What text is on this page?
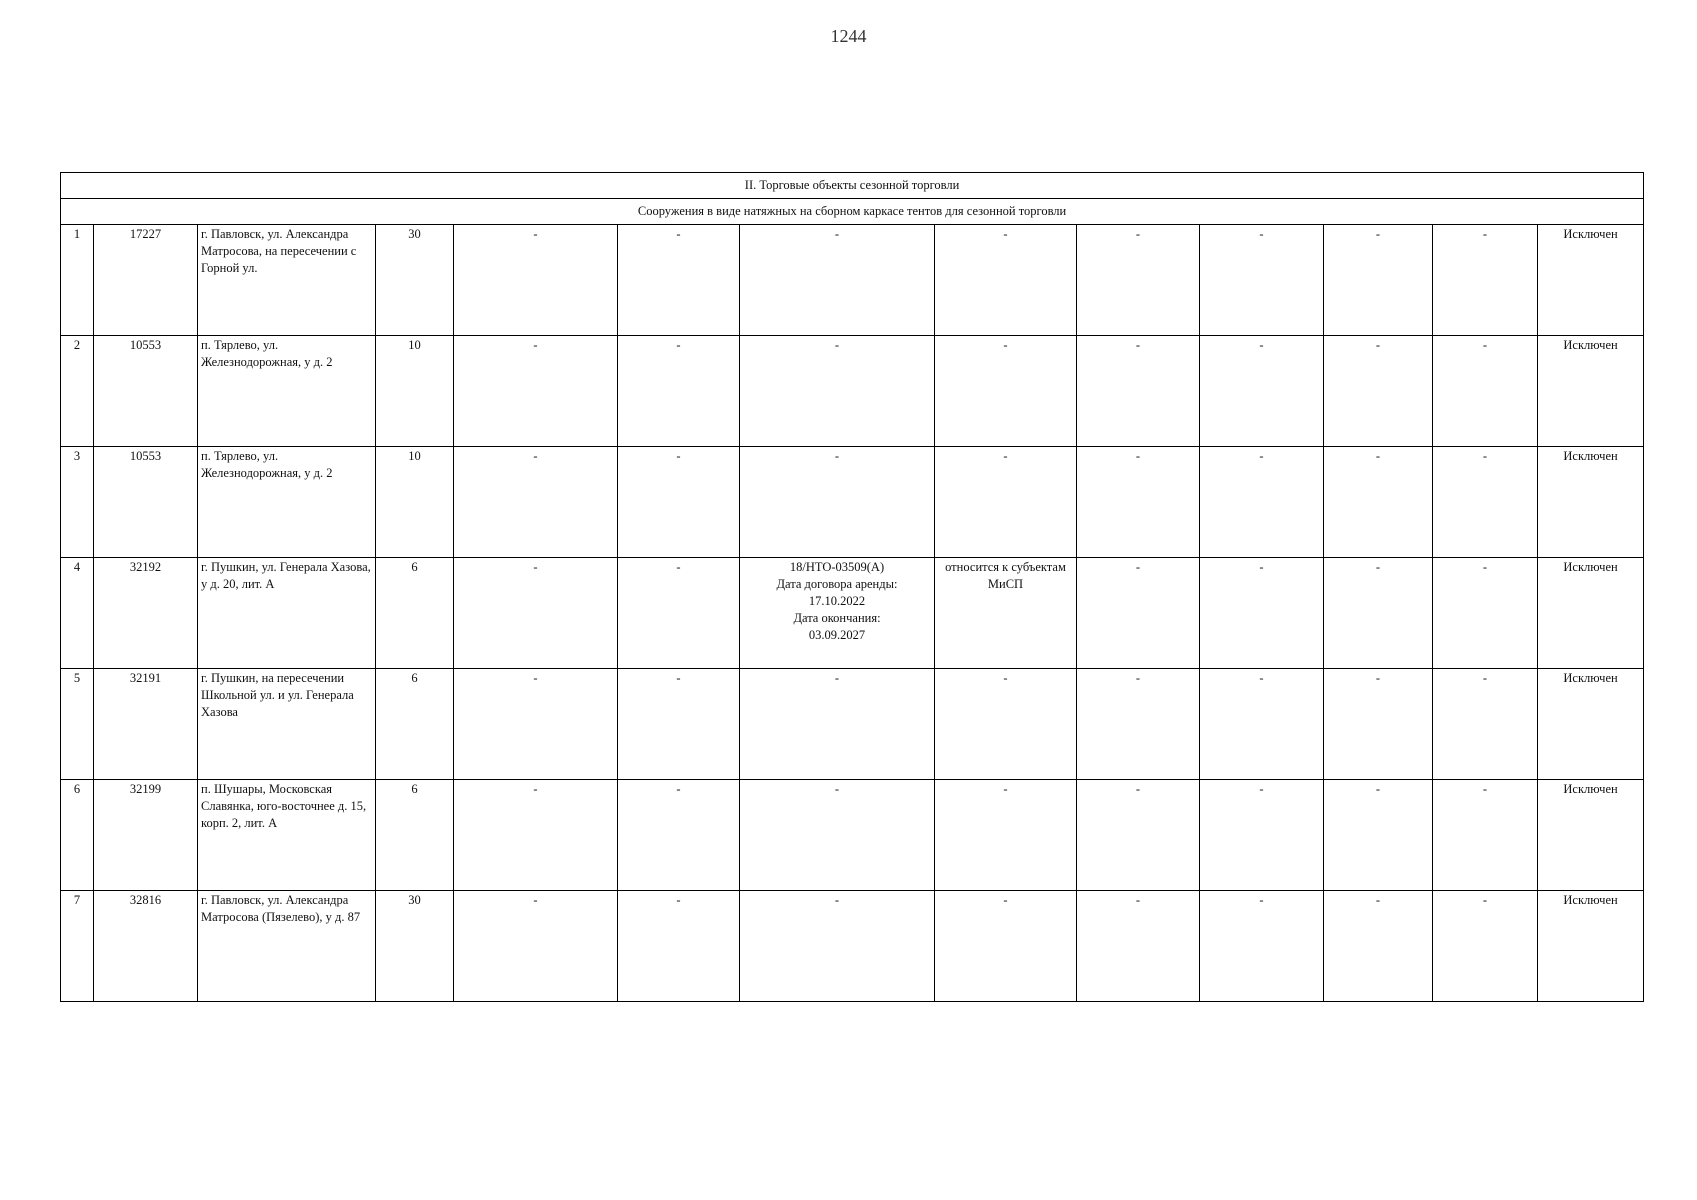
1244
II. Торговые объекты сезонной торговли												
Сооружения в виде натяжных на сборном каркасе тентов для сезонной торговли												
1	17227	г. Павловск, ул. Александра Матросова, на пересечении с Горной ул.	30	-	-	-	-	-	-	-	-	Исключен
2	10553	п. Тярлево, ул. Железнодорожная, у д. 2	10	-	-	-	-	-	-	-	-	Исключен
3	10553	п. Тярлево, ул. Железнодорожная, у д. 2	10	-	-	-	-	-	-	-	-	Исключен
4	32192	г. Пушкин, ул. Генерала Хазова, у д. 20, лит. А	6	-	-	18/НТО-03509(А)
Дата договора аренды:
17.10.2022
Дата окончания:
03.09.2027	относится к субъектам МиСП	-	-	-	-	Исключен
5	32191	г. Пушкин, на пересечении Школьной ул. и ул. Генерала Хазова	6	-	-	-	-	-	-	-	-	Исключен
6	32199	п. Шушары, Московская Славянка, юго-восточнее д. 15, корп. 2, лит. А	6	-	-	-	-	-	-	-	-	Исключен
7	32816	г. Павловск, ул. Александра Матросова (Пязелево), у д. 87	30	-	-	-	-	-	-	-	-	Исключен
